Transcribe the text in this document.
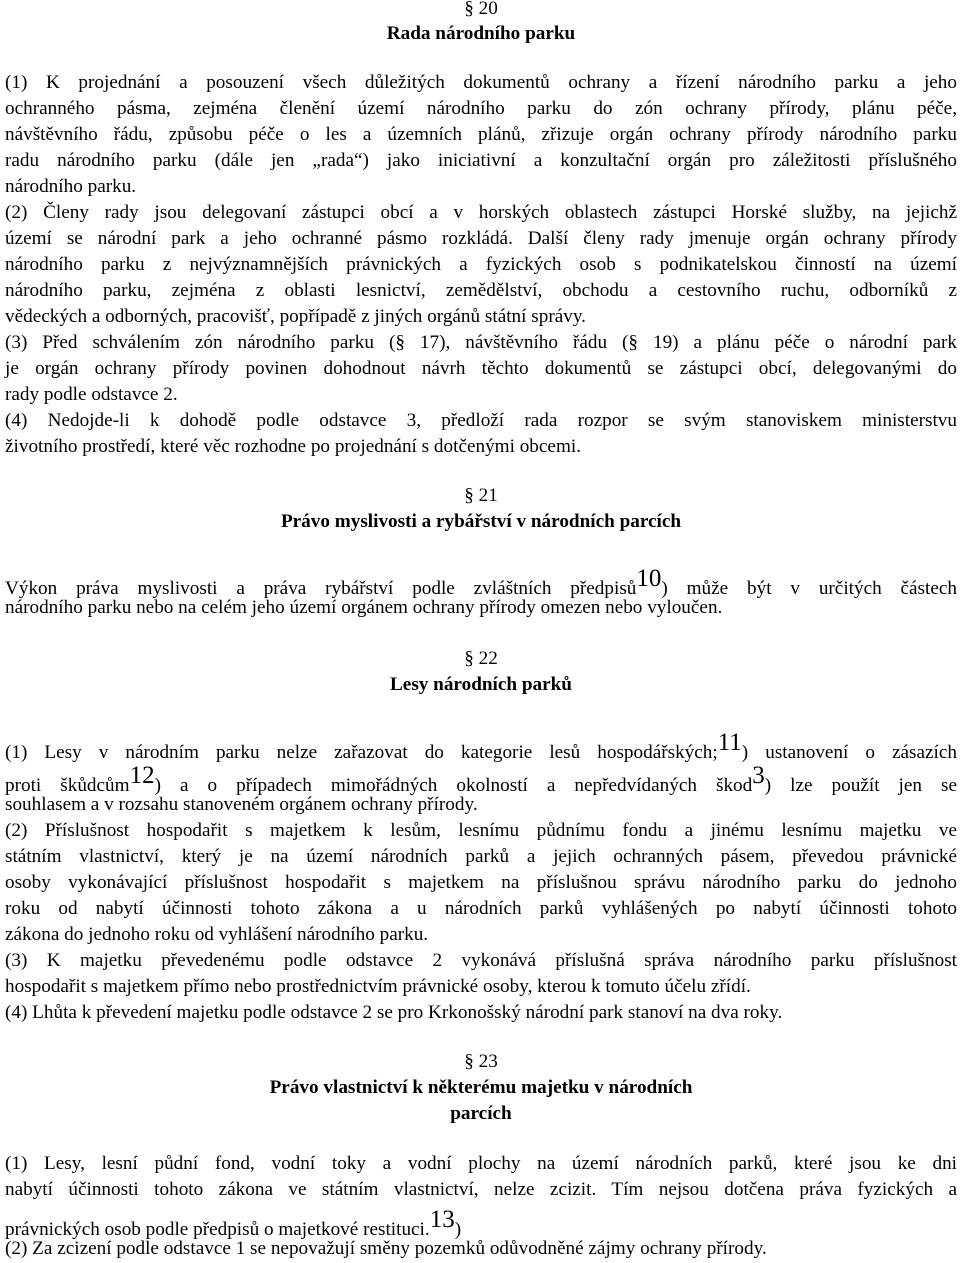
§ 20
Rada národního parku
(1) K projednání a posouzení všech důležitých dokumentů ochrany a řízení národního parku a jeho
ochranného pásma, zejména členění území národního parku do zón ochrany přírody, plánu péče,
návštěvního řádu, způsobu péče o les a územních plánů, zřizuje orgán ochrany přírody národního parku
radu národního parku (dále jen „rada“) jako iniciativní a konzultační orgán pro záležitosti příslušného
národního parku.
(2) Členy rady jsou delegovaní zástupci obcí a v horských oblastech zástupci Horské služby, na jejichž
území se národní park a jeho ochranné pásmo rozkládá. Další členy rady jmenuje orgán ochrany přírody
národního parku z nejvýznamnějších právnických a fyzických osob s podnikatelskou činností na území
národního parku, zejména z oblasti lesnictví, zemědělství, obchodu a cestovního ruchu, odborníků z
vědeckých a odborných, pracovišť, popřípadě z jiných orgánů státní správy.
(3) Před schválením zón národního parku (§ 17), návštěvního řádu (§ 19) a plánu péče o národní park
je orgán ochrany přírody povinen dohodnout návrh těchto dokumentů se zástupci obcí, delegovanými do
rady podle odstavce 2.
(4) Nedojde-li k dohodě podle odstavce 3, předloží rada rozpor se svým stanoviskem ministerstvu
životního prostředí, které věc rozhodne po projednání s dotčenými obcemi.
§ 21
Právo myslivosti a rybářství v národních parcích
Výkon práva myslivosti a práva rybářství podle zvláštních předpisů10) může být v určitých částech
národního parku nebo na celém jeho území orgánem ochrany přírody omezen nebo vyloučen.
§ 22
Lesy národních parků
(1) Lesy v národním parku nelze zařazovat do kategorie lesů hospodářských;11) ustanovení o zásazích
proti škůdcům12) a o případech mimořádných okolností a nepředvídaných škod3) lze použít jen se
souhlasem a v rozsahu stanoveném orgánem ochrany přírody.
(2) Příslušnost hospodařit s majetkem k lesům, lesnímu půdnímu fondu a jinému lesnímu majetku ve
státním vlastnictví, který je na území národních parků a jejich ochranných pásem, převedou právnické
osoby vykonávající příslušnost hospodařit s majetkem na příslušnou správu národního parku do jednoho
roku od nabytí účinnosti tohoto zákona a u národních parků vyhlášených po nabytí účinnosti tohoto
zákona do jednoho roku od vyhlášení národního parku.
(3) K majetku převedenému podle odstavce 2 vykonává příslušná správa národního parku příslušnost
hospodařit s majetkem přímo nebo prostřednictvím právnické osoby, kterou k tomuto účelu zřídí.
(4) Lhůta k převedení majetku podle odstavce 2 se pro Krkonošský národní park stanoví na dva roky.
§ 23
Právo vlastnictví k některému majetku v národních
parcích
(1) Lesy, lesní půdní fond, vodní toky a vodní plochy na území národních parků, které jsou ke dni
nabytí účinnosti tohoto zákona ve státním vlastnictví, nelze zcizit. Tím nejsou dotčena práva fyzických a
právnických osob podle předpisů o majetkové restituci.13)
(2) Za zcizení podle odstavce 1 se nepovažují směny pozemků odůvodněné zájmy ochrany přírody.
